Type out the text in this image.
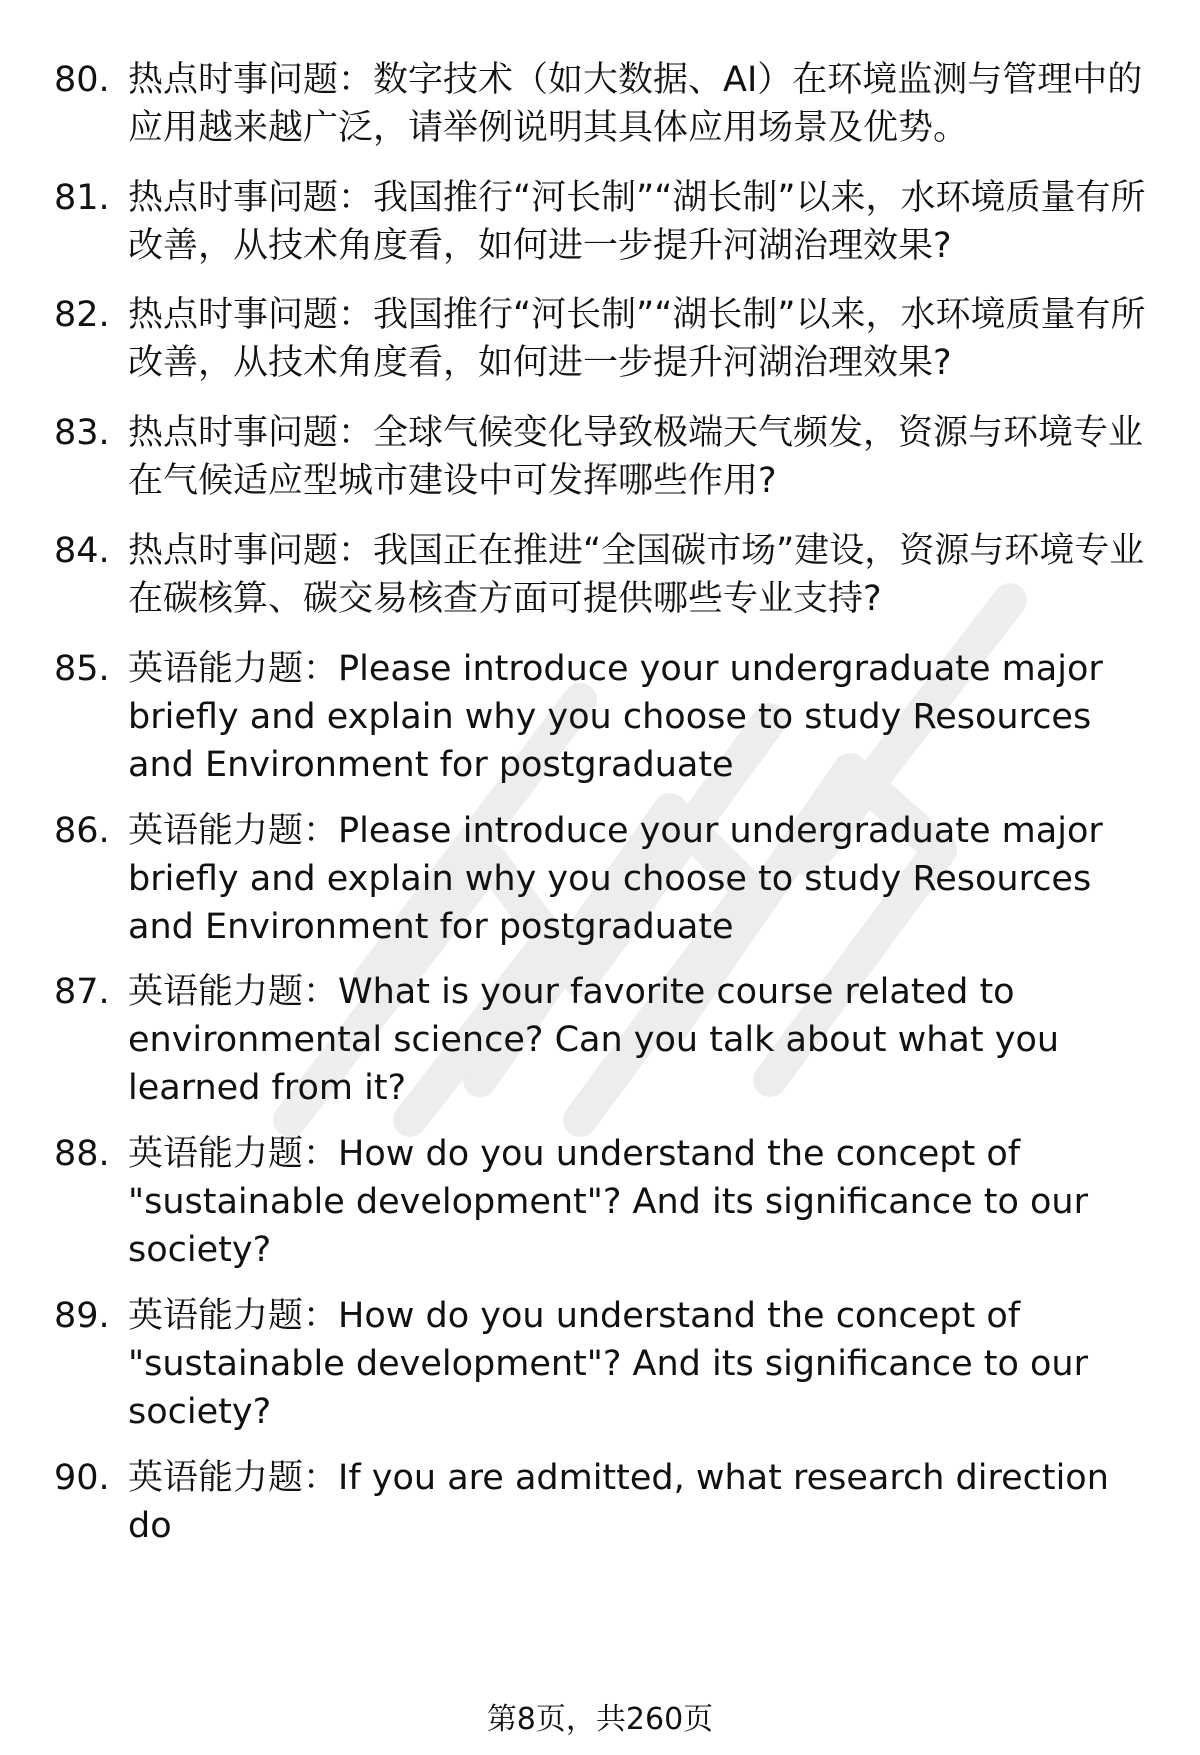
80. 热点时事问题：数字技术（如大数据、AI）在环境监测与管理中的应用越来越广泛，请举例说明其具体应用场景及优势。
81. 热点时事问题：我国推行“河长制”“湖长制”以来，水环境质量有所改善，从技术角度看，如何进一步提升河湖治理效果?
82. 热点时事问题：我国推行“河长制”“湖长制”以来，水环境质量有所改善，从技术角度看，如何进一步提升河湖治理效果?
83. 热点时事问题：全球气候变化导致极端天气频发，资源与环境专业在气候适应型城市建设中可发挥哪些作用?
84. 热点时事问题：我国正在推进“全国碳市场”建设，资源与环境专业在碳核算、碳交易核查方面可提供哪些专业支持?
85. 英语能力题：Please introduce your undergraduate major briefly and explain why you choose to study Resources and Environment for postgraduate
86. 英语能力题：Please introduce your undergraduate major briefly and explain why you choose to study Resources and Environment for postgraduate
87. 英语能力题：What is your favorite course related to environmental science? Can you talk about what you learned from it?
88. 英语能力题：How do you understand the concept of "sustainable development"? And its significance to our society?
89. 英语能力题：How do you understand the concept of "sustainable development"? And its significance to our society?
90. 英语能力题：If you are admitted, what research direction do
第8页，共260页
